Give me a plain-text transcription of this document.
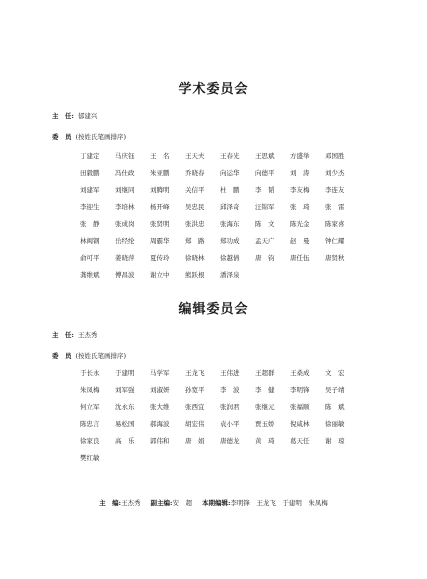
学术委员会
主　任: 郁建兴
委　员 (按姓氏笔画排序)
丁建定	马庆钰	王　名	王天夫	王春光	王思斌	方盛举	邓国胜
田毅鹏	冯仕政	朱亚鹏	乔晓春	向运华	向德平	刘　涛	刘少杰
刘建军	刘继同	刘腾明	关信平	杜　鹏	李　韬	李友梅	李连友
李迎生	李培林	杨开峰	吴忠民	邱泽奇	汪锦军	张　琦	张　雷
张　静	张成岗	张贤明	张洪忠	张海东	陈　文	陈光金	陈家喜
林闽钢	岳经纶	周霸华	郑　路	郑功成	孟天广	赵　曼	钟仁耀
俞可平	姜晓萍	夏传玲	徐晓林	徐越倩	唐　钧	唐任伍	唐贤秋
龚维斌	傅昌波	谢立中	熊跃根	潘泽泉
编辑委员会
主　任: 王杰秀
委　员 (按姓氏笔画排序)
于长永	于建明	马学军	王龙飞	王伟进	王超群	王桑成	文　宏
朱凤梅	刘军强	刘淑妍	孙宽平	李　波	李　健	李明锋	吴子靖
何立军	沈永东	张大维	张西宜	张润君	张继元	张福顺	陈　斌
陈忠言	易松国	郝海波	胡宏伟	袁小平	贾玉娇	倪咸林	徐丽敏
徐家良	高　乐	郭伟和	唐　娟	唐德龙	黄　琦	葛天任	谢　琼
樊红敏
主　编:王杰秀 副主编:安　超 本期编辑:李明锋　王龙飞　于建明　朱凤梅
